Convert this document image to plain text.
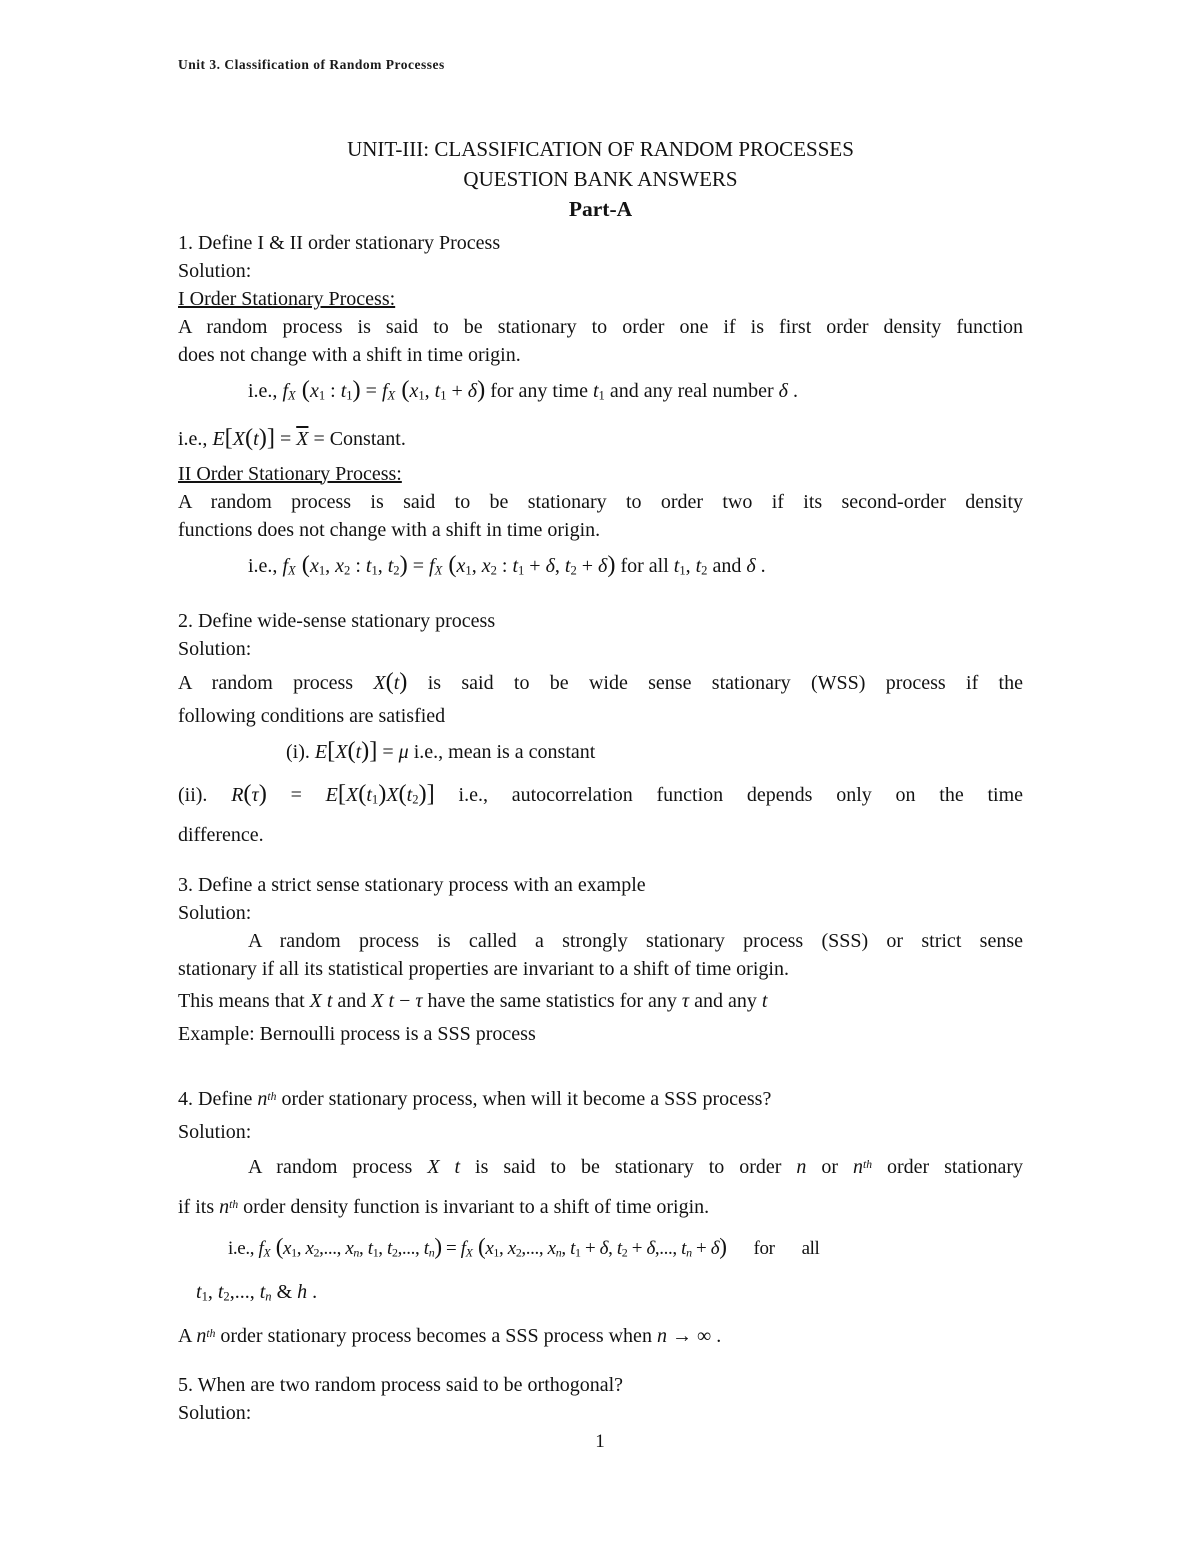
Unit 3. Classification of Random Processes
UNIT-III: CLASSIFICATION OF RANDOM PROCESSES
QUESTION BANK ANSWERS
Part-A
1. Define I & II order stationary Process
Solution:
I Order Stationary Process:
A random process is said to be stationary to order one if is first order density function
does not change with a shift in time origin.
i.e., fX (x1 : t1) = fX (x1, t1 + δ) for any time t1 and any real number δ .
i.e., $E[X(t)] = \overline{X}$ = Constant.
II Order Stationary Process:
A random process is said to be stationary to order two if its second-order density
functions does not change with a shift in time origin.
i.e., fX (x1, x2 : t1, t2) = fX (x1, x2 : t1 + δ, t2 + δ) for all t1, t2 and δ .
2. Define wide-sense stationary process
Solution:
A random process X(t) is said to be wide sense stationary (WSS) process if the
following conditions are satisfied
(i). E[X(t)] = μ i.e., mean is a constant
(ii). R(τ) = E[X(t1)X(t2)] i.e., autocorrelation function depends only on the time
difference.
3. Define a strict sense stationary process with an example
Solution:
A random process is called a strongly stationary process (SSS) or strict sense
stationary if all its statistical properties are invariant to a shift of time origin.
This means that X t and X t − τ have the same statistics for any τ and any t
Example: Bernoulli process is a SSS process
4. Define $n^{th}$ order stationary process, when will it become a SSS process?
Solution:
A random process X t is said to be stationary to order n or $n^{th}$ order stationary
if its $n^{th}$ order density function is invariant to a shift of time origin.
i.e., fX (x1, x2,..., xn, t1, t2,..., tn) = fX (x1, x2,..., xn, t1 + δ, t2 + δ,..., tn + δ) for all
t1, t2,..., tn & h .
A $n^{th}$ order stationary process becomes a SSS process when n → ∞ .
5. When are two random process said to be orthogonal?
Solution:
1
